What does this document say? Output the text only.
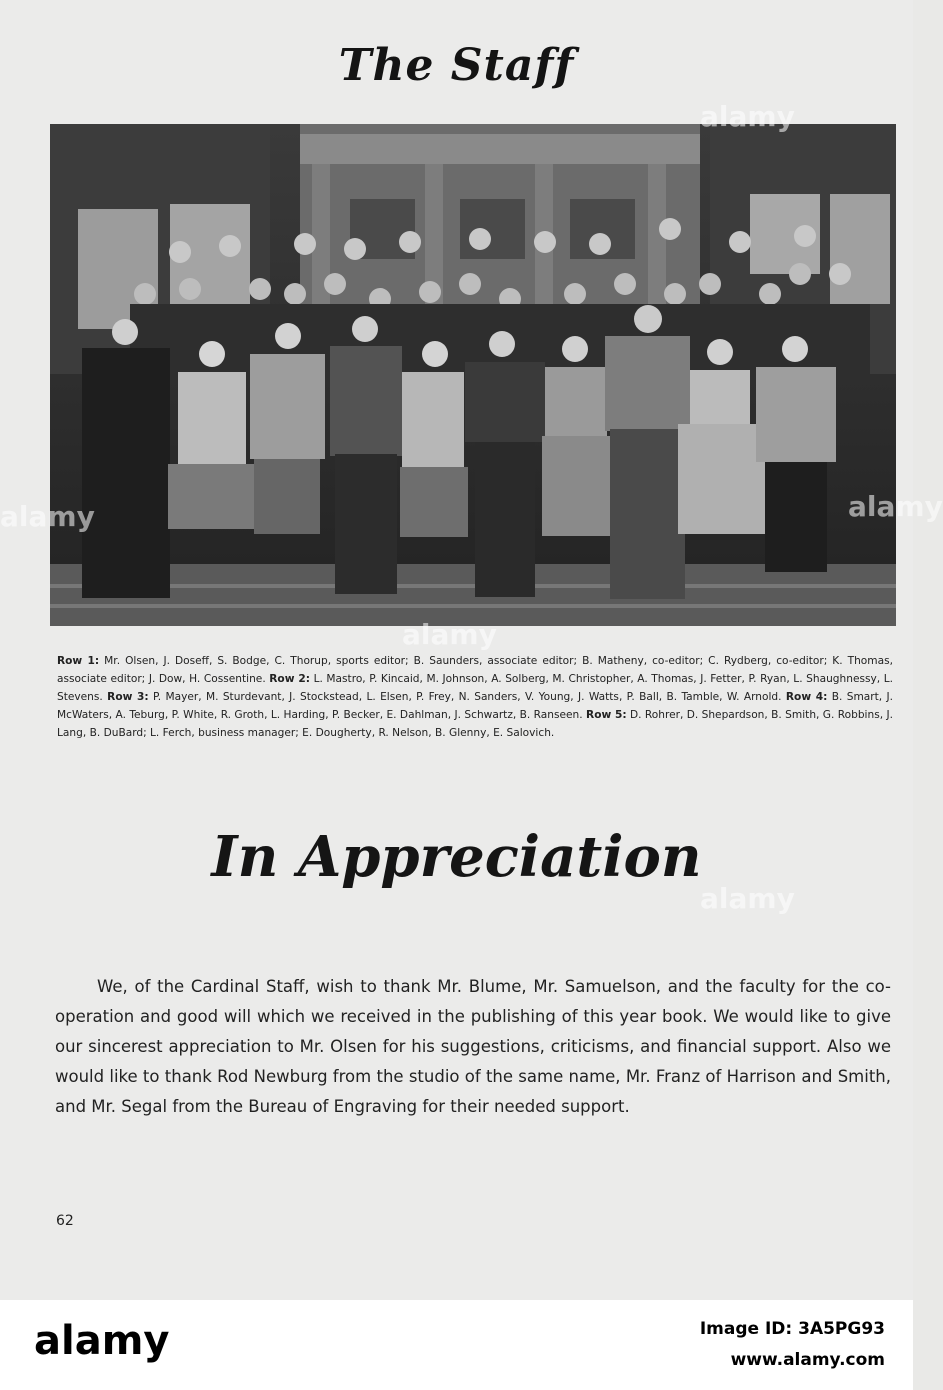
The Staff
Row 1: Mr. Olsen, J. Doseff, S. Bodge, C. Thorup, sports editor; B. Saunders, associate editor; B. Matheny, co-editor; C. Rydberg, co-editor; K. Thomas, associate editor; J. Dow, H. Cossentine. Row 2: L. Mastro, P. Kincaid, M. Johnson, A. Solberg, M. Christopher, A. Thomas, J. Fetter, P. Ryan, L. Shaughnessy, L. Stevens. Row 3: P. Mayer, M. Sturdevant, J. Stockstead, L. Elsen, P. Frey, N. Sanders, V. Young, J. Watts, P. Ball, B. Tamble, W. Arnold. Row 4: B. Smart, J. McWaters, A. Teburg, P. White, R. Groth, L. Harding, P. Becker, E. Dahlman, J. Schwartz, B. Ranseen. Row 5: D. Rohrer, D. Shepardson, B. Smith, G. Robbins, J. Lang, B. DuBard; L. Ferch, business manager; E. Dougherty, R. Nelson, B. Glenny, E. Salovich.
In Appreciation
We, of the Cardinal Staff, wish to thank Mr. Blume, Mr. Samuelson, and the faculty for the co-operation and good will which we received in the publishing of this year book. We would like to give our sincerest appreciation to Mr. Olsen for his suggestions, criticisms, and financial support. Also we would like to thank Rod Newburg from the studio of the same name, Mr. Franz of Harrison and Smith, and Mr. Segal from the Bureau of Engraving for their needed support.
62
alamy
alamy
alamy	alamy
alamy
alamy	Image ID: 3A5PG93
www.alamy.com
